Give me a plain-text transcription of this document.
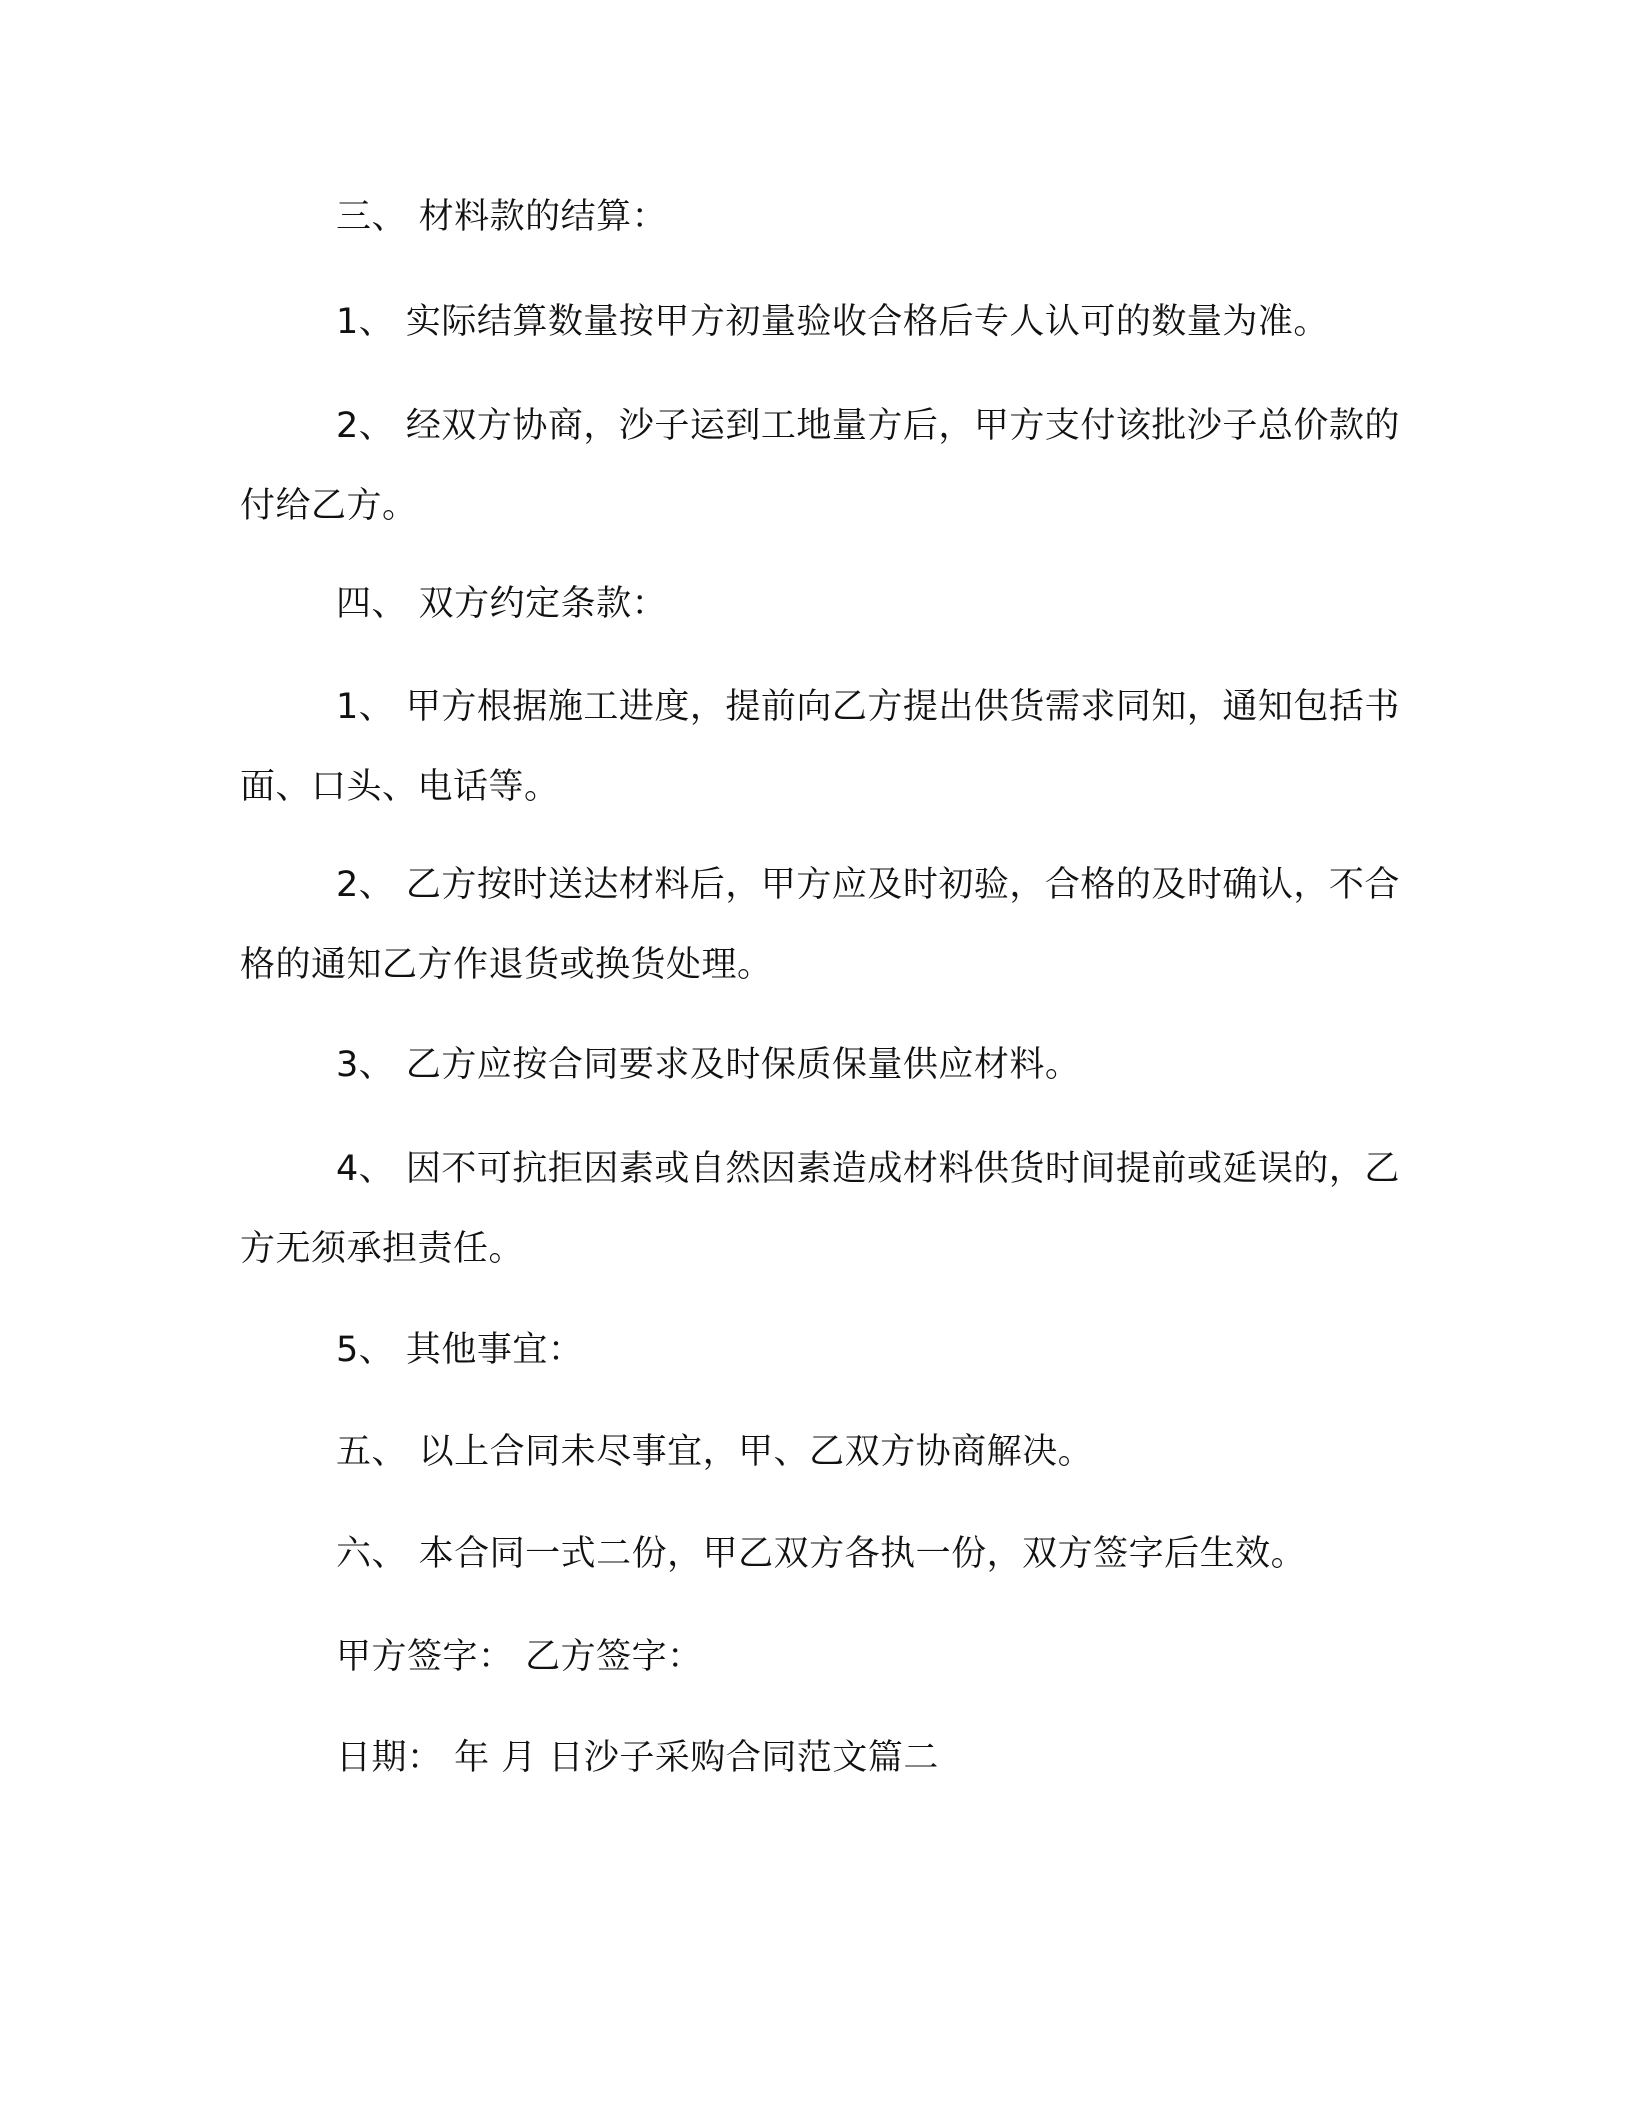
三、 材料款的结算：

1、 实际结算数量按甲方初量验收合格后专人认可的数量为准。

2、 经双方协商，沙子运到工地量方后，甲方支付该批沙子总价款的 付给乙方。

四、 双方约定条款：

1、 甲方根据施工进度，提前向乙方提出供货需求同知，通知包括书面、口头、电话等。

2、 乙方按时送达材料后，甲方应及时初验，合格的及时确认，不合格的通知乙方作退货或换货处理。

3、 乙方应按合同要求及时保质保量供应材料。

4、 因不可抗拒因素或自然因素造成材料供货时间提前或延误的，乙方无须承担责任。

5、 其他事宜：

五、 以上合同未尽事宜，甲、乙双方协商解决。

六、 本合同一式二份，甲乙双方各执一份，双方签字后生效。

甲方签字： 乙方签字：

日期： 年 月 日沙子采购合同范文篇二
